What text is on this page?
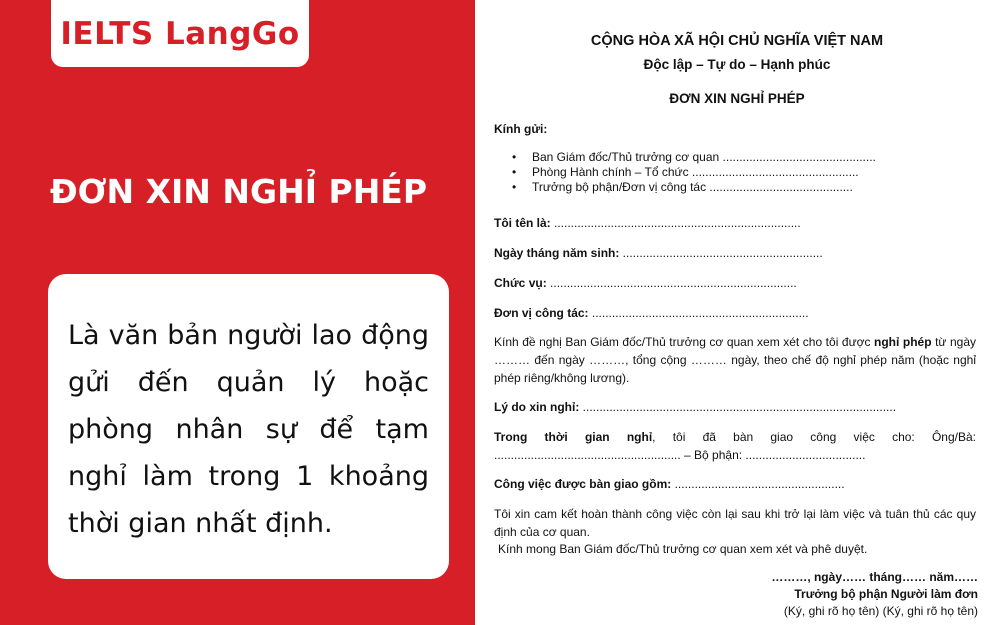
IELTS LangGo
ĐƠN XIN NGHỈ PHÉP

Là văn bản người lao động gửi đến quản lý hoặc phòng nhân sự để tạm nghỉ làm trong 1 khoảng thời gian nhất định.

CỘNG HÒA XÃ HỘI CHỦ NGHĨA VIỆT NAM
Độc lập – Tự do – Hạnh phúc
ĐƠN XIN NGHỈ PHÉP
Kính gửi:
• Ban Giám đốc/Thủ trưởng cơ quan ..............................................
• Phòng Hành chính – Tổ chức ..................................................
• Trưởng bộ phận/Đơn vị công tác ...........................................
Tôi tên là: ..........................................................................
Ngày tháng năm sinh: ............................................................
Chức vụ: ..........................................................................
Đơn vị công tác: .................................................................
Kính đề nghị Ban Giám đốc/Thủ trưởng cơ quan xem xét cho tôi được nghỉ phép từ ngày ……… đến ngày ………, tổng cộng ……… ngày, theo chế độ nghỉ phép năm (hoặc nghỉ phép riêng/không lương).
Lý do xin nghỉ: ..............................................................................................
Trong thời gian nghỉ, tôi đã bàn giao công việc cho: Ông/Bà: ........................................................ – Bộ phận: ....................................
Công việc được bàn giao gồm: ...................................................
Tôi xin cam kết hoàn thành công việc còn lại sau khi trở lại làm việc và tuân thủ các quy định của cơ quan.
Kính mong Ban Giám đốc/Thủ trưởng cơ quan xem xét và phê duyệt.
………, ngày…… tháng…… năm……
Trưởng bộ phận Người làm đơn
(Ký, ghi rõ họ tên) (Ký, ghi rõ họ tên)
